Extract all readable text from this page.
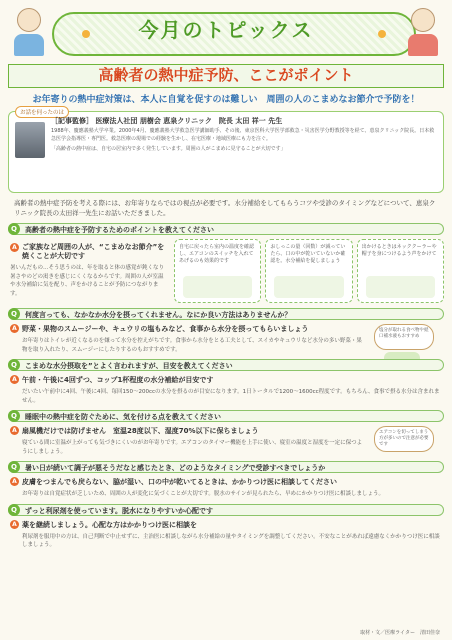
今月のトピックス
高齢者の熱中症予防、ここがポイント
お年寄りの熱中症対策は、本人に自覚を促すのは難しい　周囲の人のこまめなお節介で予防を！
お話を伺ったのは
［記事監修］ 医療法人社団 朋樹会 恵泉クリニック　院長 太田 祥一 先生
1988年、慶應義塾大学卒業。2000年4月、慶應義塾大学救急医学講師助手、その後、東京医科大学医学部救急・災害医学分野教授等を経て、恵泉クリニック院長。日本救急医学会指導医・専門医。救急医療の現場での経験を生かし、在宅医療・地域医療にも力を注ぐ。
「高齢者の熱中症は、自宅の居室内で多く発生しています。周囲の人がこまめに見守ることが大切です」
高齢者の熱中症予防を考える際には、お年寄りならではの視点が必要です。水分補給をしてもらうコツや受診のタイミングなどについて、恵泉クリニック院長の太田祥一先生にお話いただきました。
Q	高齢者の熱中症を予防するためのポイントを教えてください
A ご家族など周囲の人が、“こまめなお節介”を焼くことが大切です
暑いんだもの…そう思うのは、年を取ると体の感覚が鈍くなり暑さやのどの渇きを感じにくくなるからです。周囲の人が室温や水分補給に気を配り、声をかけることが予防につながります。
自宅に戻ったら室内の温度を確認し、エアコンのスイッチを入れてあげるのも効果的です
おしっこの量（回数）が減っていたら、口の中が乾いていないか確認を。水分補給を促しましょう
出かけるときはネッククーラーや帽子を身につけるよう声をかけて
Q	何度言っても、なかなか水分を摂ってくれません。なにか良い方法はありませんか？
A 野菜・果物のスムージーや、キュウリの塩もみなど、食事から水分を摂ってもらいましょう
お年寄りはトイレが近くなるのを嫌って水分を控えがちです。食事から水分をとる工夫として、スイカやキュウリなど水分の多い野菜・果物を取り入れたり、スムージーにしたりするのもおすすめです。
塩分が取れる食べ物や経口補水液もおすすめ
Q	こまめな水分摂取を”とよく言われますが、目安を教えてください
A 午前・午後に4回ずつ、コップ1杯程度の水分補給が目安です
だいたい午前中に4回、午後に4回、毎回150〜200ccの水分を摂るのが目安になります。1日トータルで1200〜1600cc程度です。もちろん、食事で摂る水分は含まれません。
Q	睡眠中の熱中症を防ぐために、気を付ける点を教えてください
A 扇風機だけでは防げません　室温28度以下、湿度70%以下に保ちましょう
寝ている間に室温が上がっても気づきにくいのがお年寄りです。エアコンのタイマー機能を上手に使い、寝室の温度と湿度を一定に保つようにしましょう。
エアコンを切ってしまう方が多いので注意が必要です
Q	暑い日が続いて調子が悪そうだなと感じたとき、どのようなタイミングで受診すべきでしょうか
A 皮膚をつまんでも戻らない、脇が湿い、口の中が乾いてるときは、かかりつけ医に相談してください
お年寄りは自覚症状が乏しいため、周囲の人が変化に気づくことが大切です。脱水のサインが見られたら、早めにかかりつけ医に相談しましょう。
Q	ずっと利尿剤を使っています。脱水になりやすいか心配です
A 薬を継続しましょう。心配な方はかかりつけ医に相談を
利尿剤を服用中の方は、自己判断で中止せずに、主治医に相談しながら水分補給の量やタイミングを調整してください。不安なことがあれば遠慮なくかかりつけ医に相談しましょう。
取材・文／医療ライター　清田佳奈
